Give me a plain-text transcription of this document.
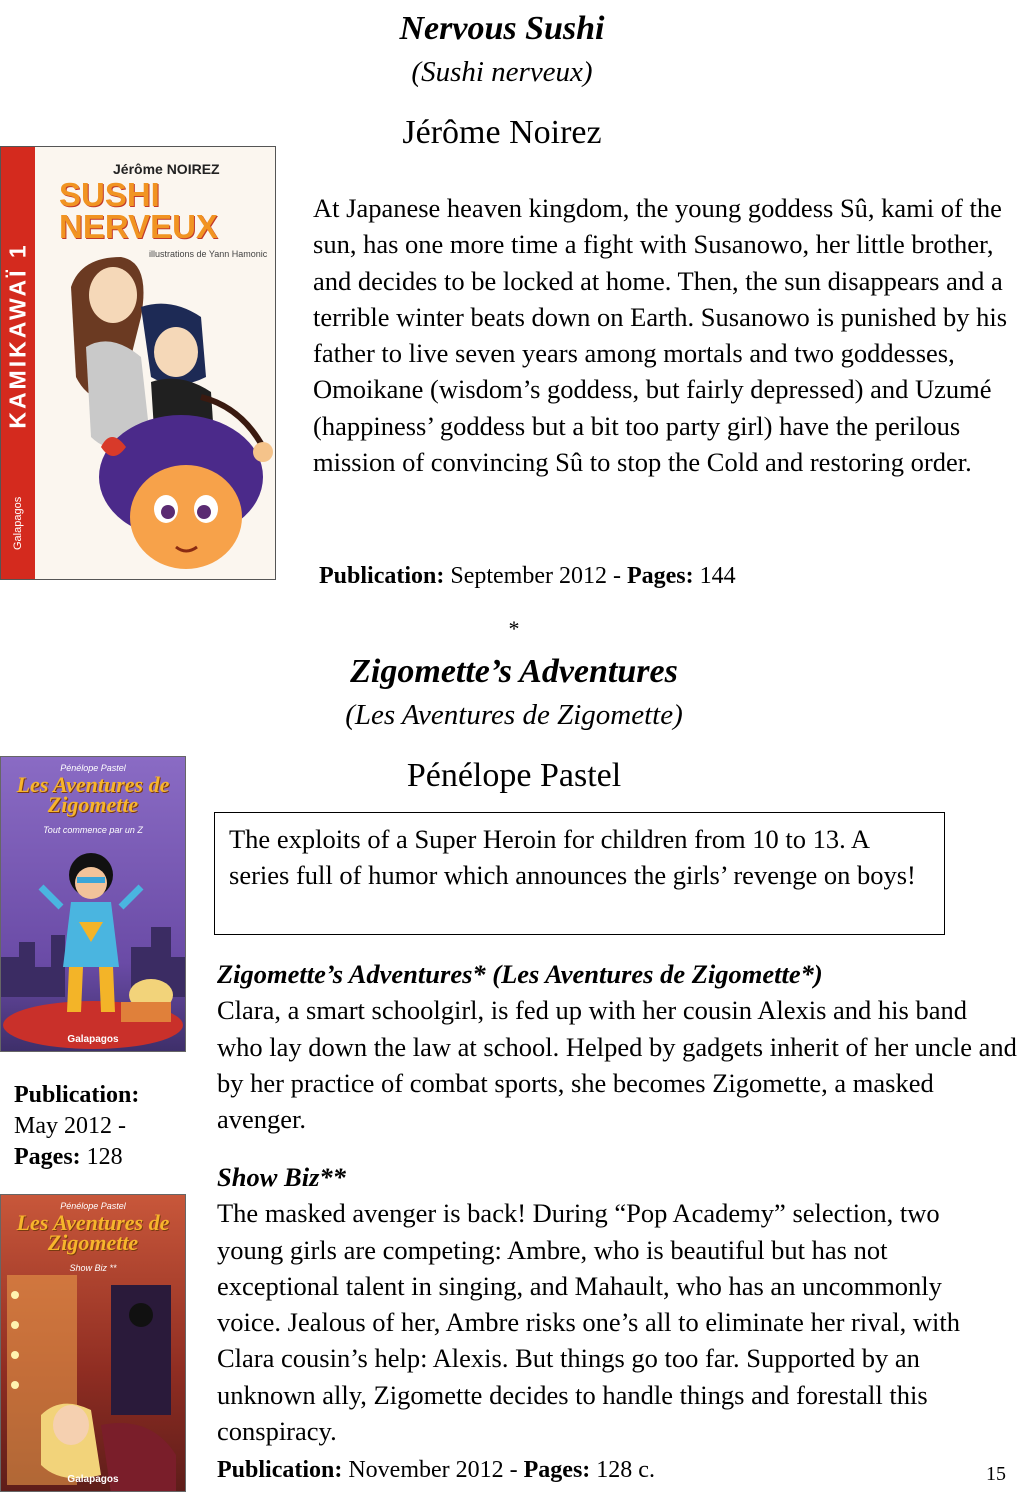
Nervous Sushi
(Sushi nerveux)
Jérôme Noirez
KAMIKAWAÏ 1
Galapagos
Jérôme NOIREZ
SUSHI NERVEUX
illustrations de Yann Hamonic
At Japanese heaven kingdom, the young goddess Sû, kami of the sun, has one more time a fight with Susanowo, her little brother, and decides to be locked at home. Then, the sun disappears and a terrible winter beats down on Earth. Susanowo is punished by his father to live seven years among mortals and two goddesses, Omoikane (wisdom’s goddess, but fairly depressed) and Uzumé (happiness’ goddess but a bit too party girl) have the perilous mission of convincing Sû to stop the Cold and restoring order.
Publication: September 2012 - Pages: 144
*
Zigomette’s Adventures
(Les Aventures de Zigomette)
Pénélope Pastel
Pénélope Pastel
Les Aventures de Zigomette
Tout commence par un Z
Galapagos
Publication:
May 2012 -
Pages: 128
Pénélope Pastel
Les Aventures de Zigomette
Show Biz **
Galapagos
The exploits of a Super Heroin for children from 10 to 13. A series full of humor which announces the girls’ revenge on boys!
Zigomette’s Adventures* (Les Aventures de Zigomette*)
Clara, a smart schoolgirl, is fed up with her cousin Alexis and his band who lay down the law at school. Helped by gadgets inherit of her uncle and by her practice of combat sports, she becomes Zigomette, a masked avenger.
Show Biz**
The masked avenger is back! During “Pop Academy” selection, two young girls are competing: Ambre, who is beautiful but has not exceptional talent in singing, and Mahault, who has an uncommonly voice. Jealous of her, Ambre risks one’s all to eliminate her rival, with Clara cousin’s help: Alexis. But things go too far. Supported by an unknown ally, Zigomette decides to handle things and forestall this conspiracy.
Publication: November 2012 - Pages: 128 c.	15
